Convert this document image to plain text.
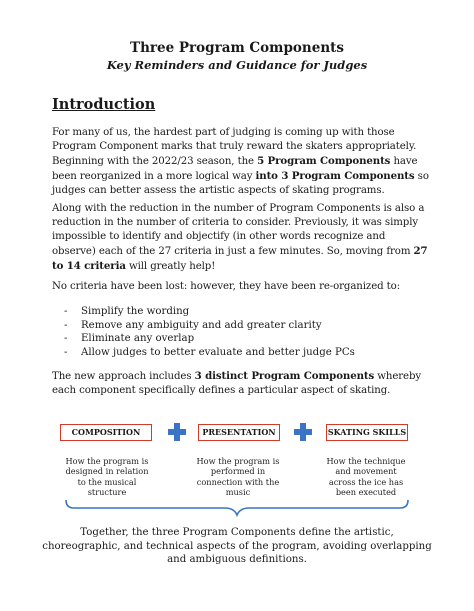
Three Program Components
Key Reminders and Guidance for Judges
Introduction

For many of us, the hardest part of judging is coming up with those Program Component marks that truly reward the skaters appropriately. Beginning with the 2022/23 season, the 5 Program Components have been reorganized in a more logical way into 3 Program Components so judges can better assess the artistic aspects of skating programs.

Along with the reduction in the number of Program Components is also a reduction in the number of criteria to consider. Previously, it was simply impossible to identify and objectify (in other words recognize and observe) each of the 27 criteria in just a few minutes. So, moving from 27 to 14 criteria will greatly help!

No criteria have been lost: however, they have been re-organized to:

- Simplify the wording
- Remove any ambiguity and add greater clarity
- Eliminate any overlap
- Allow judges to better evaluate and better judge PCs

The new approach includes 3 distinct Program Components whereby each component specifically defines a particular aspect of skating.

COMPOSITION	PRESENTATION	SKATING SKILLS
How the program is designed in relation to the musical structure
How the program is performed in connection with the music
How the technique and movement across the ice has been executed
Together, the three Program Components define the artistic, choreographic, and technical aspects of the program, avoiding overlapping and ambiguous definitions.
